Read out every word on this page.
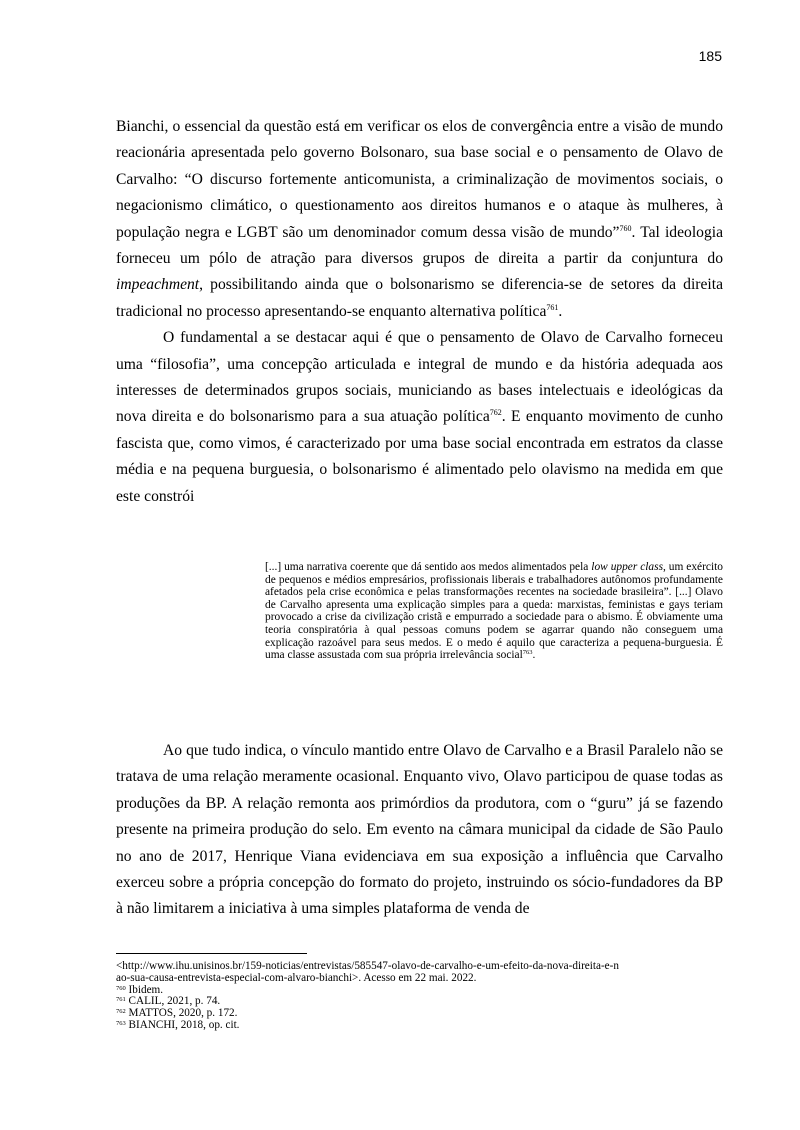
185

Bianchi, o essencial da questão está em verificar os elos de convergência entre a visão de mundo reacionária apresentada pelo governo Bolsonaro, sua base social e o pensamento de Olavo de Carvalho: “O discurso fortemente anticomunista, a criminalização de movimentos sociais, o negacionismo climático, o questionamento aos direitos humanos e o ataque às mulheres, à população negra e LGBT são um denominador comum dessa visão de mundo”$^{760}$. Tal ideologia forneceu um pólo de atração para diversos grupos de direita a partir da conjuntura do impeachment, possibilitando ainda que o bolsonarismo se diferencia-se de setores da direita tradicional no processo apresentando-se enquanto alternativa política$^{761}$.

O fundamental a se destacar aqui é que o pensamento de Olavo de Carvalho forneceu uma “filosofia”, uma concepção articulada e integral de mundo e da história adequada aos interesses de determinados grupos sociais, municiando as bases intelectuais e ideológicas da nova direita e do bolsonarismo para a sua atuação política$^{762}$. E enquanto movimento de cunho fascista que, como vimos, é caracterizado por uma base social encontrada em estratos da classe média e na pequena burguesia, o bolsonarismo é alimentado pelo olavismo na medida em que este constrói

[...] uma narrativa coerente que dá sentido aos medos alimentados pela low upper class, um exército de pequenos e médios empresários, profissionais liberais e trabalhadores autônomos profundamente afetados pela crise econômica e pelas transformações recentes na sociedade brasileira”. [...] Olavo de Carvalho apresenta uma explicação simples para a queda: marxistas, feministas e gays teriam provocado a crise da civilização cristã e empurrado a sociedade para o abismo. É obviamente uma teoria conspiratória à qual pessoas comuns podem se agarrar quando não conseguem uma explicação razoável para seus medos. E o medo é aquilo que caracteriza a pequena-burguesia. É uma classe assustada com sua própria irrelevância social$^{763}$.

Ao que tudo indica, o vínculo mantido entre Olavo de Carvalho e a Brasil Paralelo não se tratava de uma relação meramente ocasional. Enquanto vivo, Olavo participou de quase todas as produções da BP. A relação remonta aos primórdios da produtora, com o “guru” já se fazendo presente na primeira produção do selo. Em evento na câmara municipal da cidade de São Paulo no ano de 2017, Henrique Viana evidenciava em sua exposição a influência que Carvalho exerceu sobre a própria concepção do formato do projeto, instruindo os sócio-fundadores da BP à não limitarem a iniciativa à uma simples plataforma de venda de

<http://www.ihu.unisinos.br/159-noticias/entrevistas/585547-olavo-de-carvalho-e-um-efeito-da-nova-direita-e-n
ao-sua-causa-entrevista-especial-com-alvaro-bianchi>. Acesso em 22 mai. 2022.
$^{760}$ Ibidem.
$^{761}$ CALIL, 2021, p. 74.
$^{762}$ MATTOS, 2020, p. 172.
$^{763}$ BIANCHI, 2018, op. cit.
